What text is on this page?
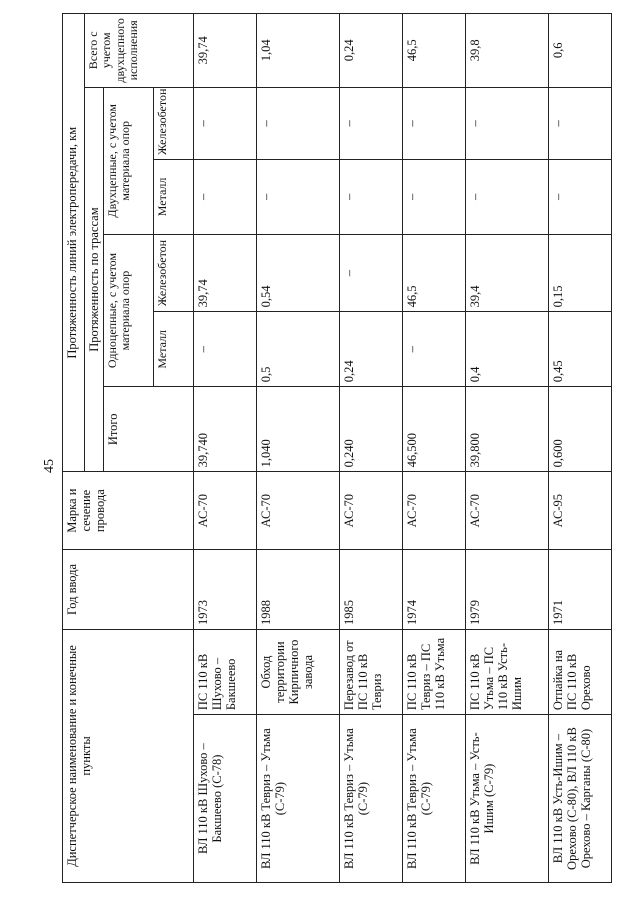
45
Диспетчерское наименование и конечные пункты		Год ввода	Марка и сечение провода	Протяженность линий электропередачи, км					
				Протяженность по трассам					Всего с учетом двухцепного исполнения
				Итого	Одноцепные, с учетом материала опор		Двухцепные, с учетом материала опор		
					Металл	Железобетон	Металл	Железобетон	
ВЛ 110 кВ Шухово – Бакшеево (С-78)	ПС 110 кВ Шухово – Бакшеево	1973	АС-70	39,740	–	39,74	–	–	39,74
ВЛ 110 кВ Тевриз – Утьма (С-79)	Обход территории Кирпичного завода	1988	АС-70	1,040	0,5	0,54	–	–	1,04
ВЛ 110 кВ Тевриз – Утьма (С-79)	Перезавод от ПС 110 кВ Тевриз	1985	АС-70	0,240	0,24	–	–	–	0,24
ВЛ 110 кВ Тевриз – Утьма (С-79)	ПС 110 кВ Тевриз – ПС 110 кВ Утьма	1974	АС-70	46,500	–	46,5	–	–	46,5
ВЛ 110 кВ Утьма – Усть-Ишим (С-79)	ПС 110 кВ Утьма – ПС 110 кВ Усть-Ишим	1979	АС-70	39,800	0,4	39,4	–	–	39,8
ВЛ 110 кВ Усть-Ишим – Орехово (С-80), ВЛ 110 кВ Орехово – Карганы (С-80)	Отпайка на ПС 110 кВ Орехово	1971	АС-95	0,600	0,45	0,15	–	–	0,6
